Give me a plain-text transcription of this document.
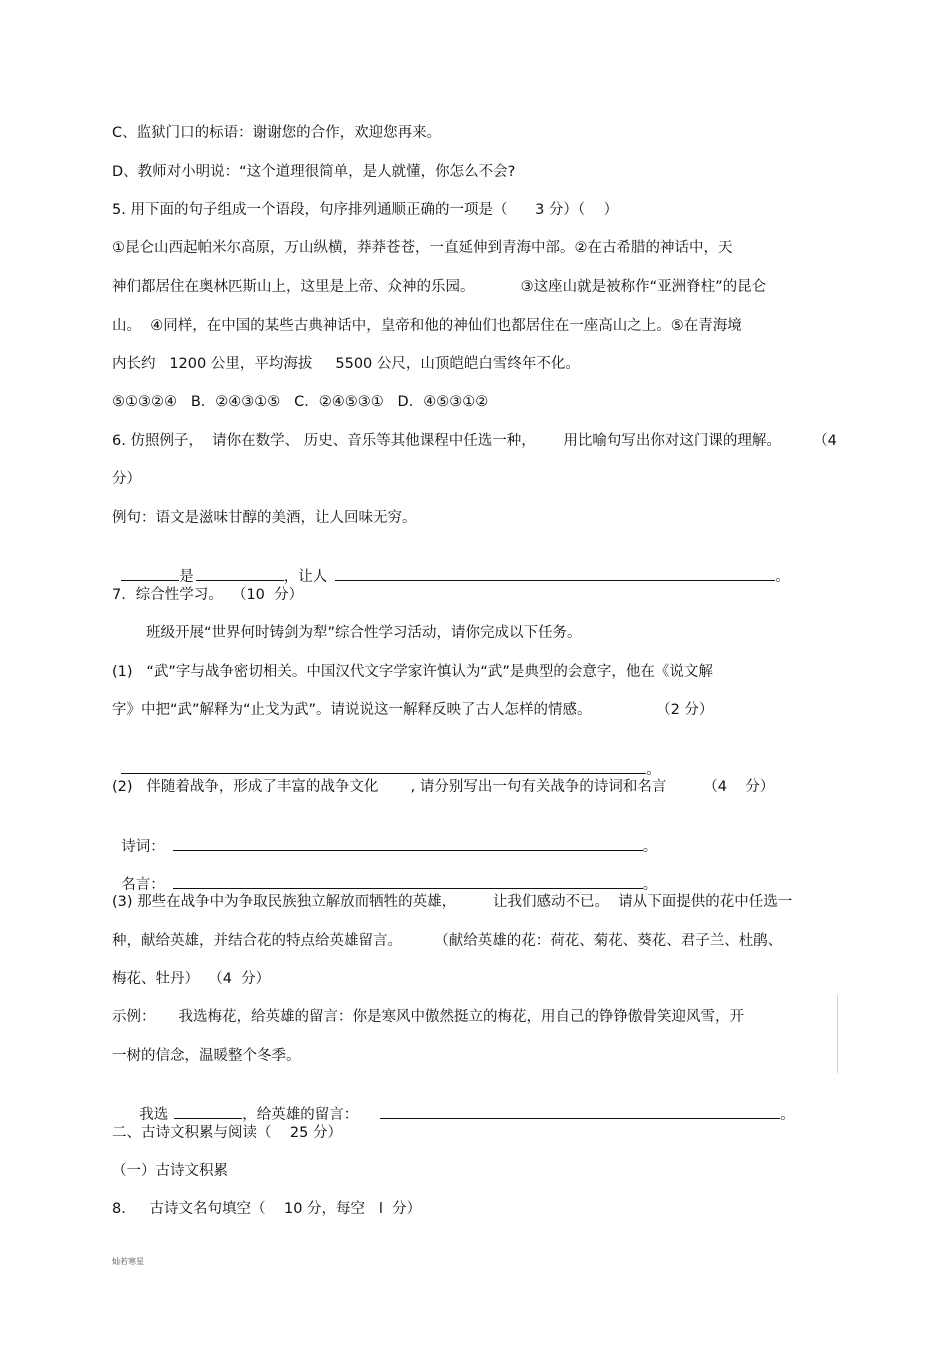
C、监狱门口的标语：谢谢您的合作，欢迎您再来。
D、教师对小明说：“这个道理很简单，是人就懂，你怎么不会?
5. 用下面的句子组成一个语段，句序排列通顺正确的一项是（      3 分）（    ）
①昆仑山西起帕米尔高原，万山纵横，莽莽苍苍，一直延伸到青海中部。②在古希腊的神话中，天
神们都居住在奥林匹斯山上，这里是上帝、众神的乐园。          ③这座山就是被称作“亚洲脊柱”的昆仑
山。  ④同样，在中国的某些古典神话中，皇帝和他的神仙们也都居住在一座高山之上。⑤在青海境
内长约   1200 公里，平均海拔     5500 公尺，山顶皑皑白雪终年不化。
⑤①③②④   B．②④③①⑤   C．②④⑤③①   D．④⑤③①②
6. 仿照例子，  请你在数学、 历史、音乐等其他课程中任选一种，      用比喻句写出你对这门课的理解。       （4
分）
例句：语文是滋味甘醇的美酒，让人回味无穷。

是	，让人	。

7．综合性学习。  （10  分）
班级开展“世界何时铸剑为犁”综合性学习活动，请你完成以下任务。
(1)   “武”字与战争密切相关。中国汉代文字学家许慎认为“武”是典型的会意字，他在《说文解
字》中把“武”解释为“止戈为武”。请说说这一解释反映了古人怎样的情感。              （2 分）

。

(2)   伴随着战争，形成了丰富的战争文化       , 请分别写出一句有关战争的诗词和名言        （4    分）

诗词：	。

名言：	。

(3) 那些在战争中为争取民族独立解放而牺牲的英雄，        让我们感动不已。  请从下面提供的花中任选一
种，献给英雄，并结合花的特点给英雄留言。       （献给英雄的花：荷花、菊花、葵花、君子兰、杜鹃、
梅花、牡丹）  （4  分）
示例：     我选梅花，给英雄的留言：你是寒风中傲然挺立的梅花，用自己的铮铮傲骨笑迎风雪，开
一树的信念，温暖整个冬季。

我选	，给英雄的留言：	。

二、古诗文积累与阅读（    25 分）
（一）古诗文积累
8．   古诗文名句填空（    10 分，每空   l  分）
灿若寒星
